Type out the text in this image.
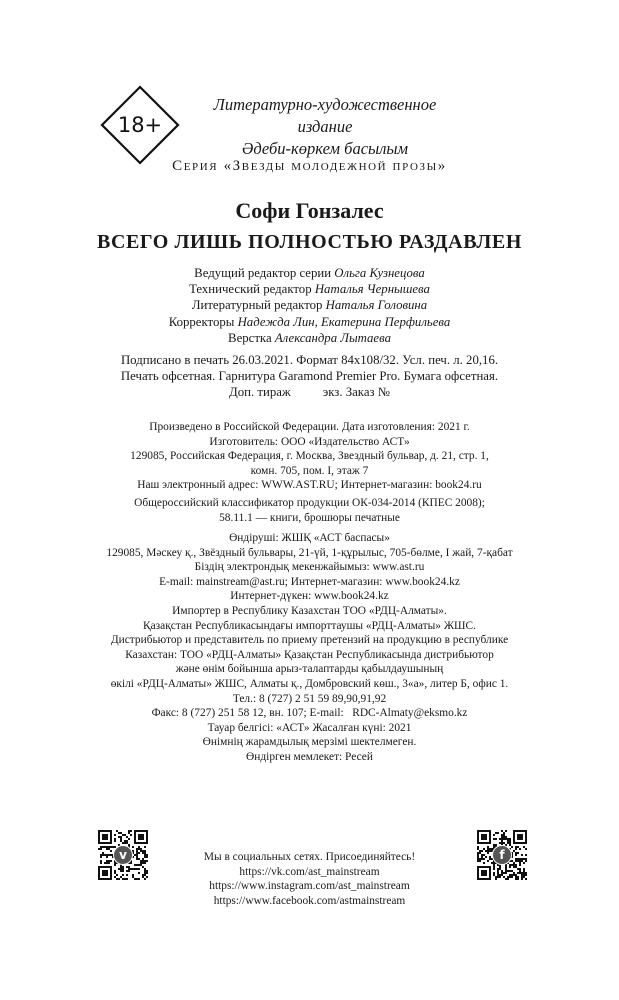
18+
Литературно-художественное издание
Әдеби-көркем басылым
Серия «Звезды молодежной прозы»
Софи Гонзалес
ВСЕГО ЛИШЬ ПОЛНОСТЬЮ РАЗДАВЛЕН
Ведущий редактор серии Ольга Кузнецова
Технический редактор Наталья Чернышева
Литературный редактор Наталья Головина
Корректоры Надежда Лин, Екатерина Перфильева
Верстка Александра Лытаева
Подписано в печать 26.03.2021. Формат 84x108/32. Усл. печ. л. 20,16.
Печать офсетная. Гарнитура Garamond Premier Pro. Бумага офсетная.
Доп. тираж          экз. Заказ №
Произведено в Российской Федерации. Дата изготовления: 2021 г.
Изготовитель: ООО «Издательство АСТ»
129085, Российская Федерация, г. Москва, Звездный бульвар, д. 21, стр. 1,
комн. 705, пом. I, этаж 7
Наш электронный адрес: WWW.AST.RU; Интернет-магазин: book24.ru
Общероссийский классификатор продукции ОК-034-2014 (КПЕС 2008);
58.11.1 — книги, брошюры печатные
Өндіруші: ЖШҚ «АСТ баспасы»
129085, Мәскеу қ., Звёздный бульвары, 21-үй, 1-құрылыс, 705-бөлме, I жай, 7-қабат
Біздің электрондық мекенжайымыз: www.ast.ru
E-mail: mainstream@ast.ru; Интернет-магазин: www.book24.kz
Интернет-дүкен: www.book24.kz
Импортер в Республику Казахстан ТОО «РДЦ-Алматы».
Қазақстан Республикасындағы импорттаушы «РДЦ-Алматы» ЖШС.
Дистрибьютор и представитель по приему претензий на продукцию в республике
Казахстан: ТОО «РДЦ-Алматы» Қазақстан Республикасында дистрибьютор
және өнім бойынша арыз-талаптарды қабылдаушының
өкілі «РДЦ-Алматы» ЖШС, Алматы қ., Домбровский көш., 3«а», литер Б, офис 1.
Тел.: 8 (727) 2 51 59 89,90,91,92
Факс: 8 (727) 251 58 12, вн. 107; E-mail:   RDC-Almaty@eksmo.kz
Тауар белгісі: «АСТ» Жасалған күні: 2021
Өнімнің жарамдылық мерзімі шектелмеген.
Өндірген мемлекет: Ресей
v	f
Мы в социальных сетях. Присоединяйтесь!
https://vk.com/ast_mainstream
https://www.instagram.com/ast_mainstream
https://www.facebook.com/astmainstream
